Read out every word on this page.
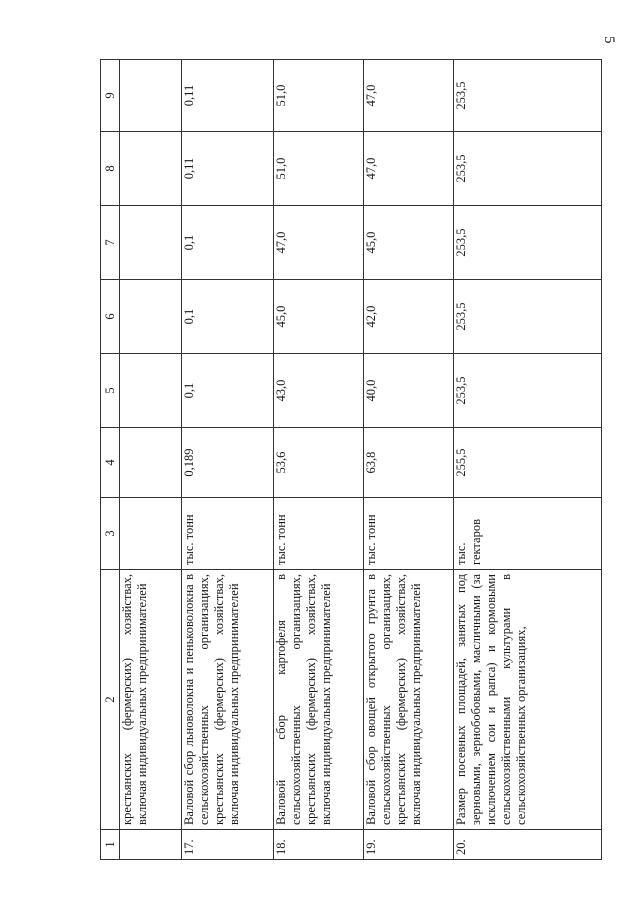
5
1	2	3	4	5	6	7	8	9

	крестьянских (фермерских) хозяйствах, включая индивидуальных предпринимателей							

17.	Валовой сбор льноволокна и пеньковолокна в сельскохозяйственных организациях, крестьянских (фермерских) хозяйствах, включая индивидуальных предпринимателей	тыс. тонн	0,189	0,1	0,1	0,1	0,11	0,11
18.	Валовой сбор картофеля в сельскохозяйственных организациях, крестьянских (фермерских) хозяйствах, включая индивидуальных предпринимателей	тыс. тонн	53,6	43,0	45,0	47,0	51,0	51,0
19.	Валовой сбор овощей открытого грунта в сельскохозяйственных организациях, крестьянских (фермерских) хозяйствах, включая индивидуальных предпринимателей	тыс. тонн	63,8	40,0	42,0	45,0	47,0	47,0
20.	Размер посевных площадей, занятых под зерновыми, зернобобовыми, масличными (за исключением сои и рапса) и кормовыми сельскохозяйственными культурами в сельскохозяйственных организациях,	тыс. гектаров	255,5	253,5	253,5	253,5	253,5	253,5
